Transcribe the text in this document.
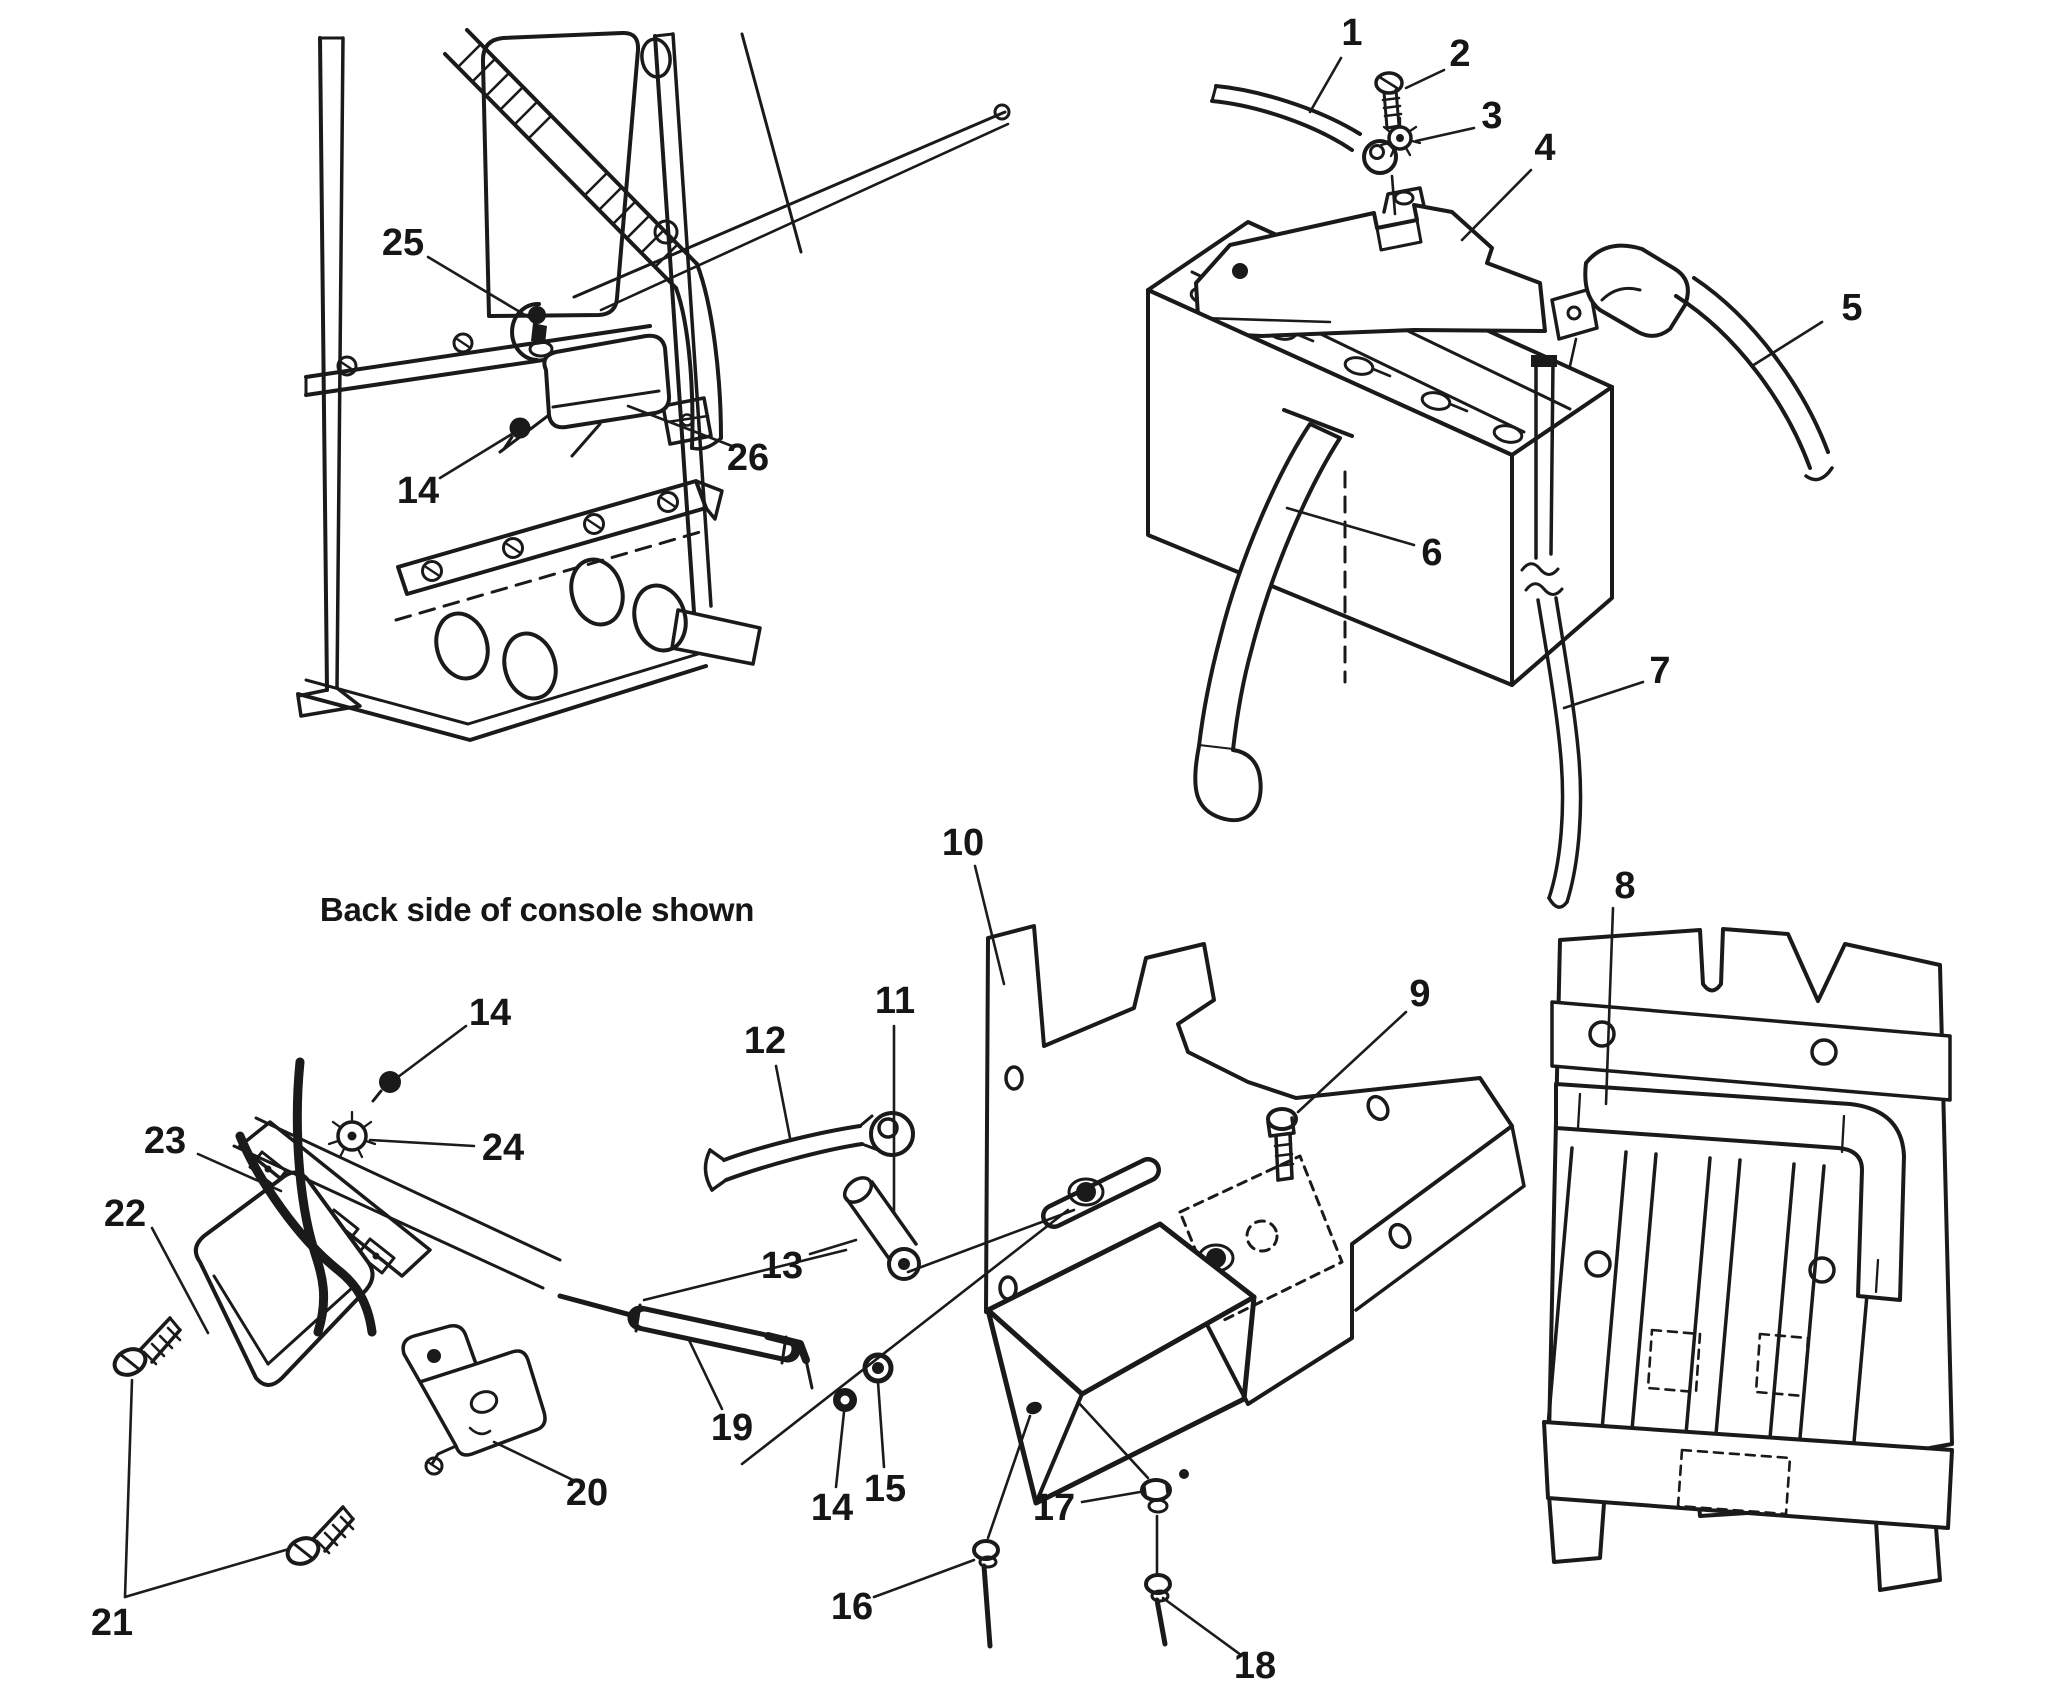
Back side of console shown
1 2
3
4
5
6
7
8
9
10
11
12
13
14
14
14 15
16
17
18
19
20
21
22
23	24
25
26
